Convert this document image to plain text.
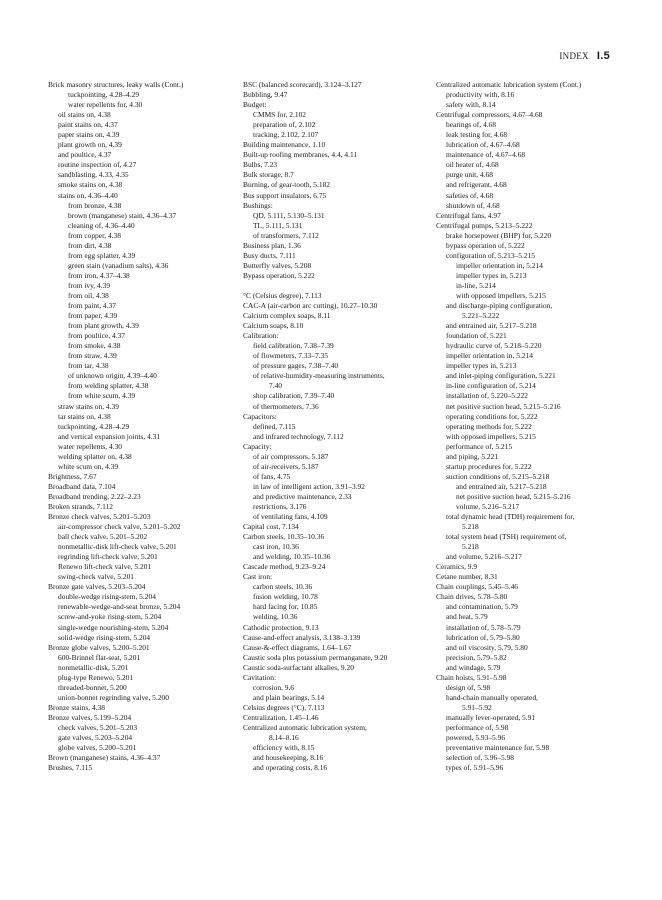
INDEX I.5
Brick masonry structures, leaky walls (Cont.)
tuckpointing, 4.28–4.29
water repellents for, 4.30
oil stains on, 4.38
paint stains on, 4.37
paper stains on, 4.39
plant growth on, 4.39
and poultice, 4.37
routine inspection of, 4.27
sandblasting, 4.33, 4.35
smoke stains on, 4.38
stains on, 4.36–4.40
from bronze, 4.38
brown (manganese) stain, 4.36–4.37
cleaning of, 4.36–4.40
from copper, 4.38
from dirt, 4.38
from egg splatter, 4.39
green stain (vanadium salts), 4.36
from iron, 4.37–4.38
from ivy, 4.39
from oil, 4.38
from paint, 4.37
from paper, 4.39
from plant growth, 4.39
from poultice, 4.37
from smoke, 4.38
from straw, 4.39
from tar, 4.38
of unknown origin, 4.39–4.40
from welding splatter, 4.38
from white scum, 4.39
straw stains on, 4.39
tar stains on, 4.38
tuckpointing, 4.28–4.29
and vertical expansion joints, 4.31
water repellents, 4.30
welding splatter on, 4.38
white scum on, 4.39
Brightness, 7.67
Broadband data, 7.104
Broadband trending, 2.22–2.23
Broken strands, 7.112
Bronze check valves, 5.201–5.203
air-compressor check valve, 5.201–5.202
ball check valve, 5.201–5.202
nonmetallic-disk lift-check valve, 5.201
regrinding lift-check valve, 5.201
Renewo lift-check valve, 5.201
swing-check valve, 5.201
Bronze gate valves, 5.203–5.204
double-wedge rising-stem, 5.204
renewable-wedge-and-seat bronze, 5.204
screw-and-yoke rising-stem, 5.204
single-wedge nourishing-stem, 5.204
solid-wedge rising-stem, 5.204
Bronze globe valves, 5.200–5.201
600-Brinnel flat-seat, 5.201
nonmetallic-disk, 5.201
plug-type Renewo, 5.201
threaded-bonnet, 5.200
union-bonnet regrinding valve, 5.200
Bronze stains, 4.38
Bronze valves, 5.199–5.204
check valves, 5.201–5.203
gate valves, 5.203–5.204
globe valves, 5.200–5.201
Brown (manganese) stains, 4.36–4.37
Brushes, 7.115
BSC (balanced scorecard), 3.124–3.127
Bubbling, 9.47
Budget:
CMMS for, 2.102
preparation of, 2.102
tracking, 2.102, 2.107
Building maintenance, 1.10
Built-up roofing membranes, 4.4, 4.11
Bulbs, 7.23
Bulk storage, 8.7
Burning, of gear-tooth, 5.182
Bus support insulators, 6.75
Bushings:
QD, 5.111, 5.130–5.131
TL, 5.111, 5.131
of transformers, 7.112
Business plan, 1.36
Busy ducts, 7.111
Butterfly valves, 5.208
Bypass operation, 5.222
°C (Celsius degree), 7.113
CAC-A (air-carbon arc cutting), 10.27–10.30
Calcium complex soaps, 8.11
Calcium soaps, 8.10
Calibration:
field calibration, 7.38–7.39
of flowmeters, 7.33–7.35
of pressure gages, 7.38–7.40
of relative-humidity-measuring instruments,
7.40
shop calibration, 7.39–7.40
of thermometers, 7.36
Capacitors:
defined, 7.115
and infrared technology, 7.112
Capacity:
of air compressors, 5.187
of air-receivers, 5.187
of fans, 4.75
in law of intelligent action, 3.91–3.92
and predictive maintenance, 2.33
restrictions, 3.176
of ventilating fans, 4.109
Capital cost, 7.134
Carbon steels, 10.35–10.36
cast iron, 10.36
and welding, 10.35–10.36
Cascade method, 9.23–9.24
Cast iron:
carbon steels, 10.36
fusion welding, 10.78
hard facing for, 10.85
welding, 10.36
Cathodic protection, 9.13
Cause-and-effect analysis, 3.138–3.139
Cause-&-effect diagrams, 1.64–1.67
Caustic soda plus potassium permanganate, 9.20
Caustic soda-surfactant alkalies, 9.20
Cavitation:
corrosion, 9.6
and plain bearings, 5.14
Celsius degrees (°C), 7.113
Centralization, 1.45–1.46
Centralized automatic lubrication system,
8.14–8.16
efficiency with, 8.15
and housekeeping, 8.16
and operating costs, 8.16
Centralized automatic lubrication system (Cont.)
productivity with, 8.16
safety with, 8.14
Centrifugal compressors, 4.67–4.68
bearings of, 4.68
leak testing for, 4.68
lubrication of, 4.67–4.68
maintenance of, 4.67–4.68
oil heater of, 4.68
purge unit, 4.68
and refrigerant, 4.68
safeties of, 4.68
shutdown of, 4.68
Centrifugal fans, 4.97
Centrifugal pumps, 5.213–5.222
brake horsepower (BHP) for, 5.220
bypass operation of, 5.222
configuration of, 5.213–5.215
impeller orientation in, 5.214
impeller types in, 5.213
in-line, 5.214
with opposed impellers, 5.215
and discharge-piping configuration,
5.221–5.222
and entrained air, 5.217–5.218
foundation of, 5.221
hydraulic curve of, 5.218–5.220
impeller orientation in, 5.214
impeller types in, 5.213
and inlet-piping configuration, 5.221
in-line configuration of, 5.214
installation of, 5.220–5.222
net positive suction head, 5.215–5.216
operating conditions for, 5.222
operating methods for, 5.222
with opposed impellers, 5.215
performance of, 5.215
and piping, 5.221
startup procedures for, 5.222
suction conditions of, 5.215–5.218
and entrained air, 5.217–5.218
net positive suction head, 5.215–5.216
volume, 5.216–5.217
total dynamic head (TDH) requirement for,
5.218
total system head (TSH) requirement of,
5.218
and volume, 5.216–5.217
Ceramics, 9.9
Cetane number, 8.31
Chain couplings, 5.45–5.46
Chain drives, 5.78–5.80
and contamination, 5.79
and heat, 5.79
installation of, 5.78–5.79
lubrication of, 5.79–5.80
and oil viscosity, 5.79, 5.80
precision, 5.79–5.82
and windage, 5.79
Chain hoists, 5.91–5.98
design of, 5.98
hand-chain manually operated,
5.91–5.92
manually lever-operated, 5.91
performance of, 5.98
powered, 5.93–5.96
preventative maintenance for, 5.98
selection of, 5.96–5.98
types of, 5.91–5.96
